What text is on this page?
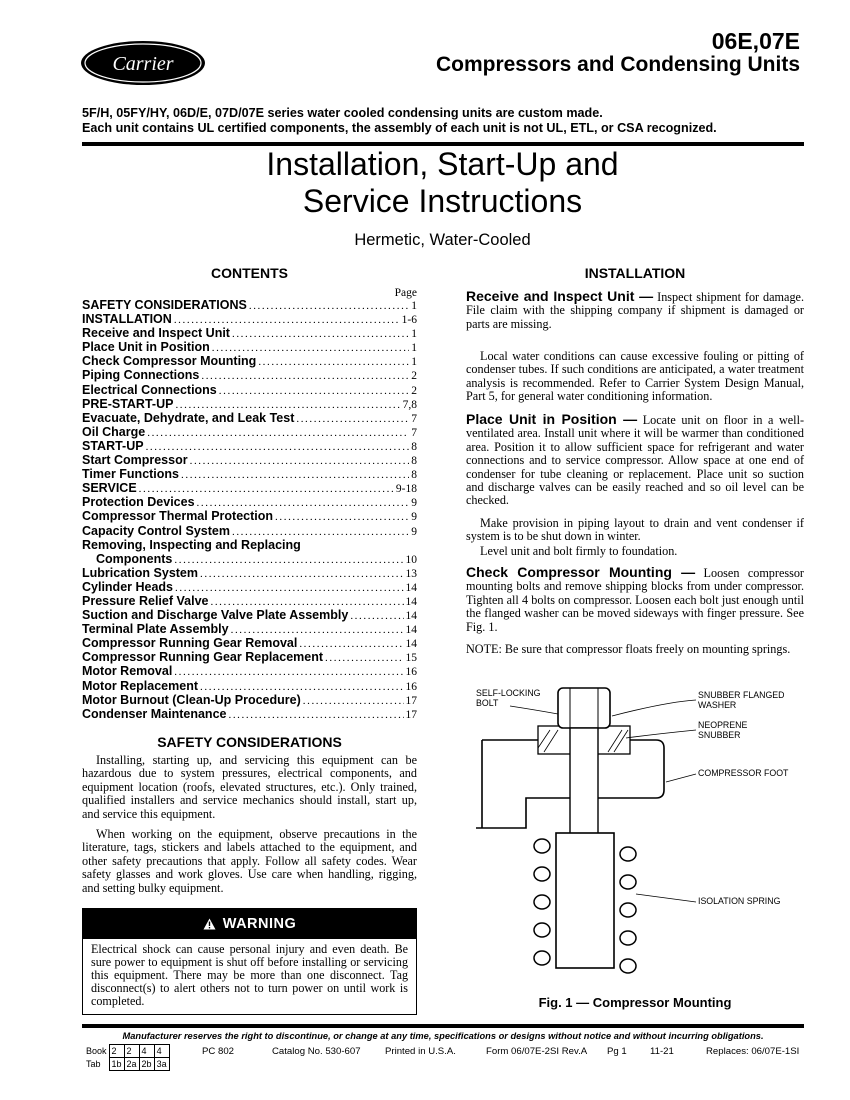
Carrier
06E,07E
Compressors and Condensing Units
5F/H, 05FY/HY, 06D/E, 07D/07E series water cooled condensing units are custom made.
Each unit contains UL certified components, the assembly of each unit is not UL, ETL, or CSA recognized.
Installation, Start-Up and
Service Instructions
Hermetic, Water-Cooled
CONTENTS
Page
SAFETY CONSIDERATIONS .....	1
INSTALLATION .....	1-6
Receive and Inspect Unit .....	1
Place Unit in Position .....	1
Check Compressor Mounting .....	1
Piping Connections .....	2
Electrical Connections .....	2
PRE-START-UP .....	7,8
Evacuate, Dehydrate, and Leak Test .....	7
Oil Charge .....	7
START-UP .....	8
Start Compressor .....	8
Timer Functions .....	8
SERVICE .....	9-18
Protection Devices .....	9
Compressor Thermal Protection .....	9
Capacity Control System .....	9
Removing, Inspecting and Replacing
Components .....	10
Lubrication System .....	13
Cylinder Heads .....	14
Pressure Relief Valve .....	14
Suction and Discharge Valve Plate Assembly .....	14
Terminal Plate Assembly .....	14
Compressor Running Gear Removal .....	14
Compressor Running Gear Replacement .....	15
Motor Removal .....	16
Motor Replacement .....	16
Motor Burnout (Clean-Up Procedure) .....	17
Condenser Maintenance .....	17
SAFETY CONSIDERATIONS
Installing, starting up, and servicing this equipment can be hazardous due to system pressures, electrical components, and equipment location (roofs, elevated structures, etc.). Only trained, qualified installers and service mechanics should install, start up, and service this equipment.
When working on the equipment, observe precautions in the literature, tags, stickers and labels attached to the equipment, and other safety precautions that apply. Follow all safety codes. Wear safety glasses and work gloves. Use care when handling, rigging, and setting bulky equipment.
WARNING
Electrical shock can cause personal injury and even death. Be sure power to equipment is shut off before installing or servicing this equipment. There may be more than one disconnect. Tag disconnect(s) to alert others not to turn power on until work is completed.
INSTALLATION
Receive and Inspect Unit — Inspect shipment for damage. File claim with the shipping company if shipment is damaged or parts are missing.
Local water conditions can cause excessive fouling or pitting of condenser tubes. If such conditions are anticipated, a water treatment analysis is recommended. Refer to Carrier System Design Manual, Part 5, for general water conditioning information.
Place Unit in Position — Locate unit on floor in a well-ventilated area. Install unit where it will be warmer than conditioned area. Position it to allow sufficient space for refrigerant and water connections and to service compressor. Allow space at one end of condenser for tube cleaning or replacement. Place unit so suction and discharge valves can be easily reached and so oil level can be checked.
Make provision in piping layout to drain and vent condenser if system is to be shut down in winter.
Level unit and bolt firmly to foundation.
Check Compressor Mounting — Loosen compressor mounting bolts and remove shipping blocks from under compressor. Tighten all 4 bolts on compressor. Loosen each bolt just enough until the flanged washer can be moved sideways with finger pressure. See Fig. 1.
NOTE: Be sure that compressor floats freely on mounting springs.
SELF-LOCKING
BOLT
SNUBBER FLANGED
WASHER
NEOPRENE
SNUBBER
COMPRESSOR FOOT
ISOLATION SPRING
Fig. 1 — Compressor Mounting
Manufacturer reserves the right to discontinue, or change at any time, specifications or designs without notice and without incurring obligations.
Book	2	2	4	4
Tab	1b	2a	2b	3a
PC 802	Catalog No. 530-607	Printed in U.S.A.	Form 06/07E-2SI Rev.A Pg 1 11-21	Replaces: 06/07E-1SI
